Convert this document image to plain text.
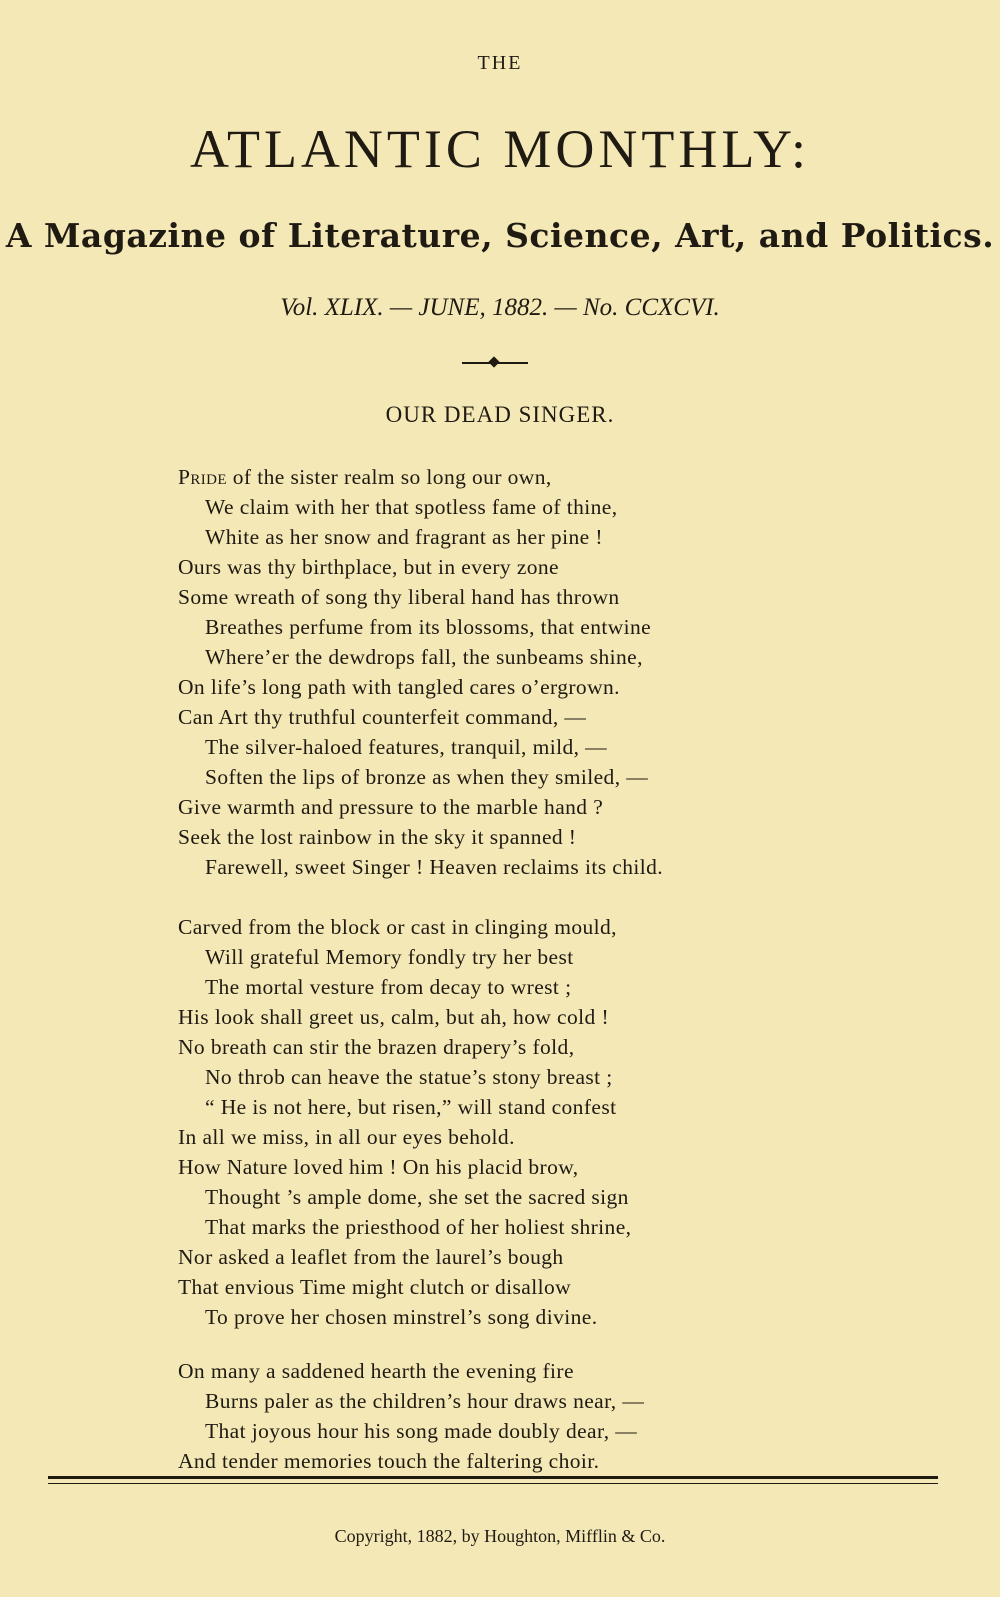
THE
ATLANTIC MONTHLY:
A Magazine of Literature, Science, Art, and Politics.
Vol. XLIX. — JUNE, 1882. — No. CCXCVI.
OUR DEAD SINGER.
Pride of the sister realm so long our own,
We claim with her that spotless fame of thine,
White as her snow and fragrant as her pine !
Ours was thy birthplace, but in every zone
Some wreath of song thy liberal hand has thrown
Breathes perfume from its blossoms, that entwine
Where’er the dewdrops fall, the sunbeams shine,
On life’s long path with tangled cares o’ergrown.
Can Art thy truthful counterfeit command, —
The silver-haloed features, tranquil, mild, —
Soften the lips of bronze as when they smiled, —
Give warmth and pressure to the marble hand ?
Seek the lost rainbow in the sky it spanned !
Farewell, sweet Singer ! Heaven reclaims its child.
Carved from the block or cast in clinging mould,
Will grateful Memory fondly try her best
The mortal vesture from decay to wrest ;
His look shall greet us, calm, but ah, how cold !
No breath can stir the brazen drapery’s fold,
No throb can heave the statue’s stony breast ;
“ He is not here, but risen,” will stand confest
In all we miss, in all our eyes behold.
How Nature loved him ! On his placid brow,
Thought ’s ample dome, she set the sacred sign
That marks the priesthood of her holiest shrine,
Nor asked a leaflet from the laurel’s bough
That envious Time might clutch or disallow
To prove her chosen minstrel’s song divine.
On many a saddened hearth the evening fire
Burns paler as the children’s hour draws near, —
That joyous hour his song made doubly dear, —
And tender memories touch the faltering choir.
Copyright, 1882, by Houghton, Mifflin & Co.
